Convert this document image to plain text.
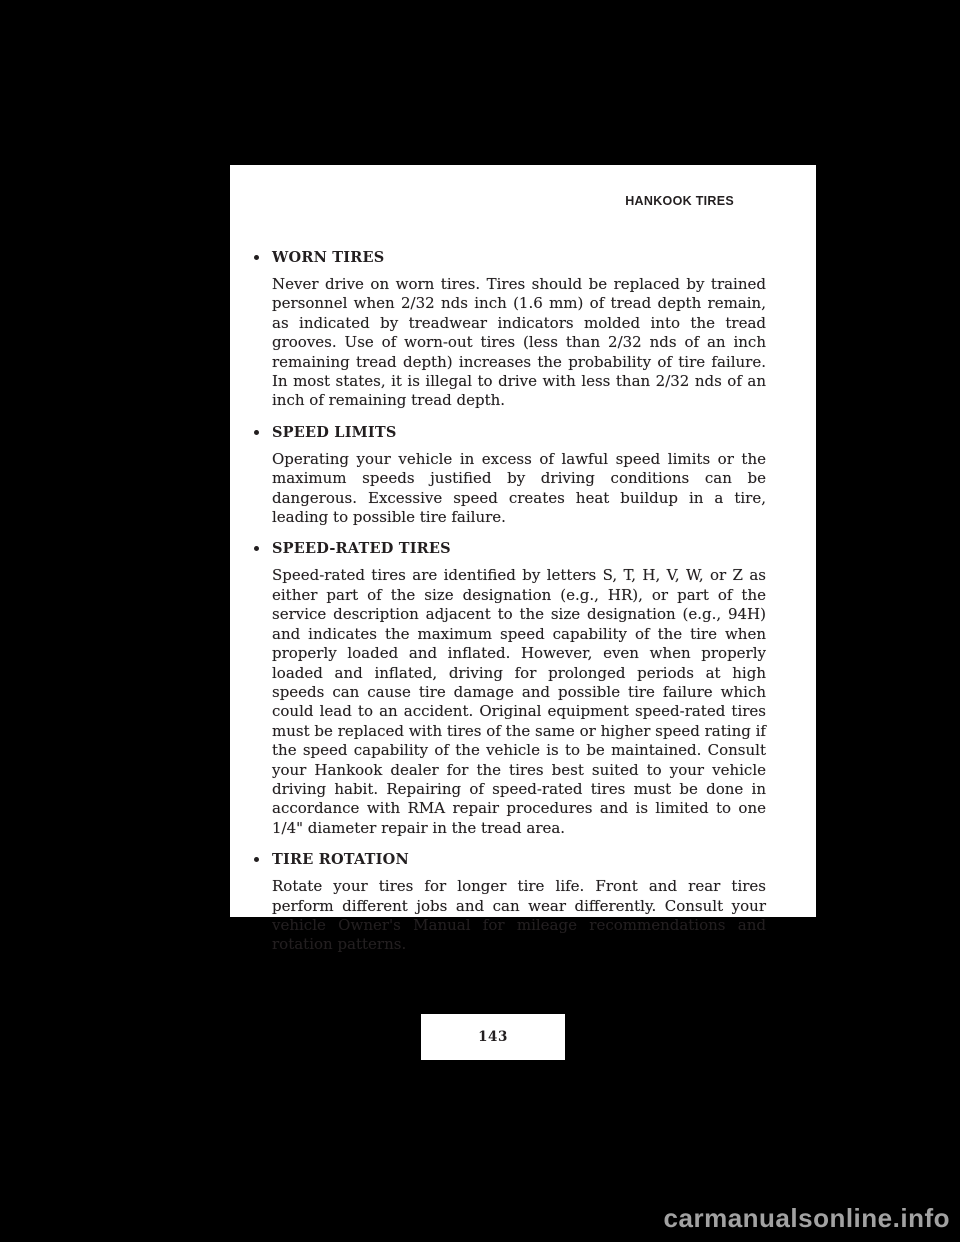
HANKOOK TIRES
WORN TIRES
Never drive on worn tires. Tires should be replaced by trained personnel when 2/32 nds inch (1.6 mm) of tread depth remain, as indicated by treadwear indicators molded into the tread grooves. Use of worn-out tires (less than 2/32 nds of an inch remaining tread depth) increases the probability of tire failure. In most states, it is illegal to drive with less than 2/32 nds of an inch of remaining tread depth.
SPEED LIMITS
Operating your vehicle in excess of lawful speed limits or the maximum speeds justified by driving conditions can be dangerous. Excessive speed creates heat buildup in a tire, leading to possible tire failure.
SPEED-RATED TIRES
Speed-rated tires are identified by letters S, T, H, V, W, or Z as either part of the size designation (e.g., HR), or part of the service description adjacent to the size designation (e.g., 94H) and indicates the maximum speed capability of the tire when properly loaded and inflated. However, even when properly loaded and inflated, driving for prolonged periods at high speeds can cause tire damage and possible tire failure which could lead to an accident. Original equipment speed-rated tires must be replaced with tires of the same or higher speed rating if the speed capability of the vehicle is to be maintained. Consult your Hankook dealer for the tires best suited to your vehicle driving habit. Repairing of speed-rated tires must be done in accordance with RMA repair procedures and is limited to one 1/4" diameter repair in the tread area.
TIRE ROTATION
Rotate your tires for longer tire life. Front and rear tires perform different jobs and can wear differently. Consult your vehicle Owner's Manual for mileage recommendations and rotation patterns.
143
carmanualsonline.info
